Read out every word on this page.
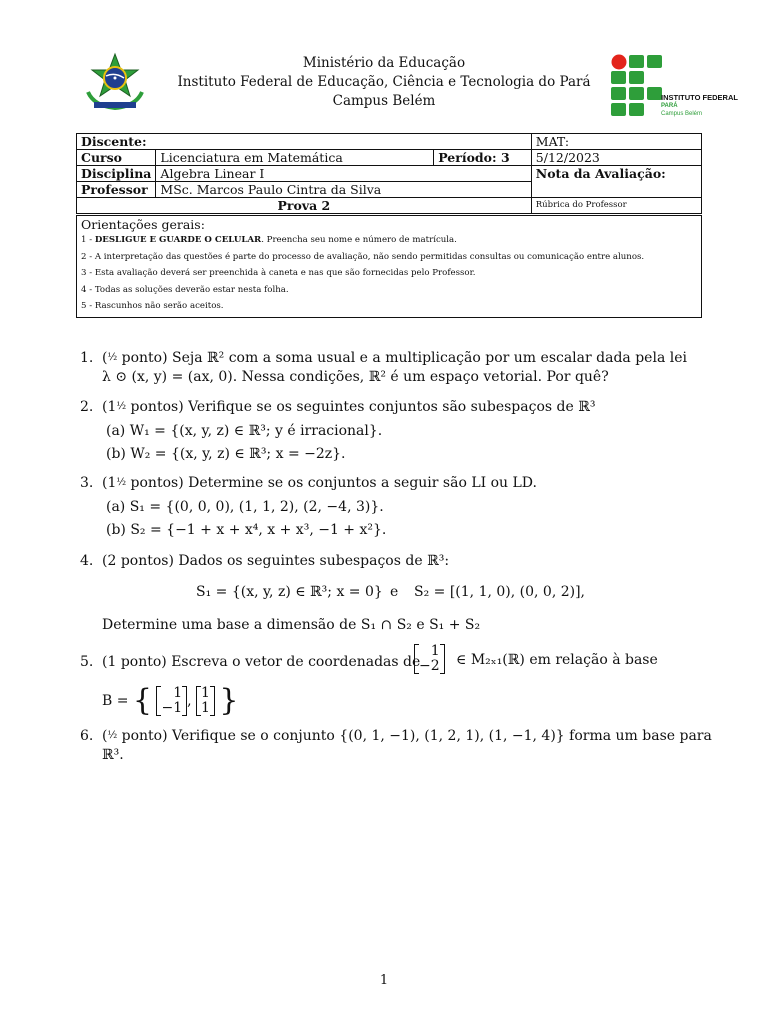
Ministério da Educação
Instituto Federal de Educação, Ciência e Tecnologia do Pará
Campus Belém	INSTITUTO FEDERAL
PARÁ
Campus Belém
Discente:			MAT:
Curso	Licenciatura em Matemática	Período: 3	5/12/2023
Disciplina	Algebra Linear I		Nota da Avaliação:
Professor	MSc. Marcos Paulo Cintra da Silva		
Prova 2			Rúbrica do Professor
Orientações gerais:
1 - DESLIGUE E GUARDE O CELULAR. Preencha seu nome e número de matrícula.
2 - A interpretação das questões é parte do processo de avaliação, não sendo permitidas consultas ou comunicação entre alunos.
3 - Esta avaliação deverá ser preenchida à caneta e nas que são fornecidas pelo Professor.
4 - Todas as soluções deverão estar nesta folha.
5 - Rascunhos não serão aceitos.
1. (½ ponto) Seja ℝ² com a soma usual e a multiplicação por um escalar dada pela lei
λ ⊙ (x, y) = (ax, 0). Nessa condições, ℝ² é um espaço vetorial. Por quê?
2. (1½ pontos) Verifique se os seguintes conjuntos são subespaços de ℝ³
(a) W₁ = {(x, y, z) ∈ ℝ³; y é irracional}.
(b) W₂ = {(x, y, z) ∈ ℝ³; x = −2z}.
3. (1½ pontos) Determine se os conjuntos a seguir são LI ou LD.
(a) S₁ = {(0, 0, 0), (1, 1, 2), (2, −4, 3)}.
(b) S₂ = {−1 + x + x⁴, x + x³, −1 + x²}.
4. (2 pontos) Dados os seguintes subespaços de ℝ³:
S₁ = {(x, y, z) ∈ ℝ³; x = 0} e S₂ = [(1, 1, 0), (0, 0, 2)],
Determine uma base a dimensão de S₁ ∩ S₂ e S₁ + S₂
5. (1 ponto) Escreva o vetor de coordenadas de
1
−2 ∈ M₂ₓ₁(ℝ) em relação à base
B = {	1
−1 , 1
1 }
6. (½ ponto) Verifique se o conjunto {(0, 1, −1), (1, 2, 1), (1, −1, 4)} forma um base para
ℝ³.
1
